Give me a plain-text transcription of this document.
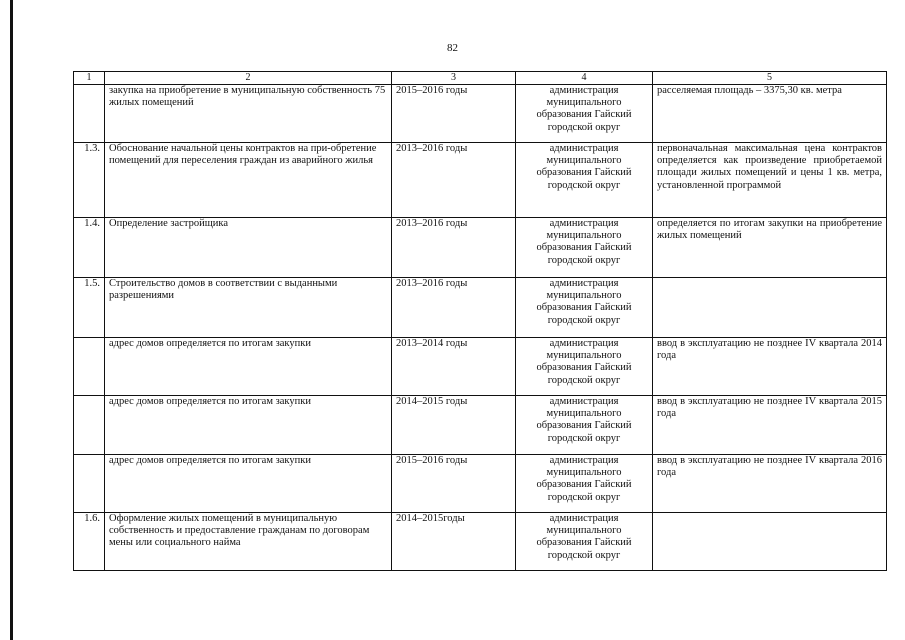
82
1	2	3	4	5
	закупка на приобретение в муниципальную собственность 75 жилых помещений	2015–2016 годы	администрация муниципального образования Гайский городской округ	расселяемая площадь – 3375,30 кв. метра
1.3.	Обоснование начальной цены контрактов на при-обретение помещений для переселения граждан из аварийного жилья	2013–2016 годы	администрация муниципального образования Гайский городской округ	первоначальная максимальная цена контрактов определяется как произведение приобретаемой площади жилых помещений и цены 1 кв. метра, установленной программой
1.4.	Определение застройщика	2013–2016 годы	администрация муниципального образования Гайский городской округ	определяется по итогам закупки на приобретение жилых помещений
1.5.	Строительство домов в соответствии с выданными разрешениями	2013–2016 годы	администрация муниципального образования Гайский городской округ	
	адрес домов определяется по итогам закупки	2013–2014 годы	администрация муниципального образования Гайский городской округ	ввод в эксплуатацию не позднее IV квартала 2014 года
	адрес домов определяется по итогам закупки	2014–2015 годы	администрация муниципального образования Гайский городской округ	ввод в эксплуатацию не позднее IV квартала 2015 года
	адрес домов определяется по итогам закупки	2015–2016 годы	администрация муниципального образования Гайский городской округ	ввод в эксплуатацию не позднее IV квартала 2016 года
1.6.	Оформление жилых помещений в муниципальную собственность и предоставление гражданам по договорам мены или социального найма	2014–2015годы	администрация муниципального образования Гайский городской округ	
